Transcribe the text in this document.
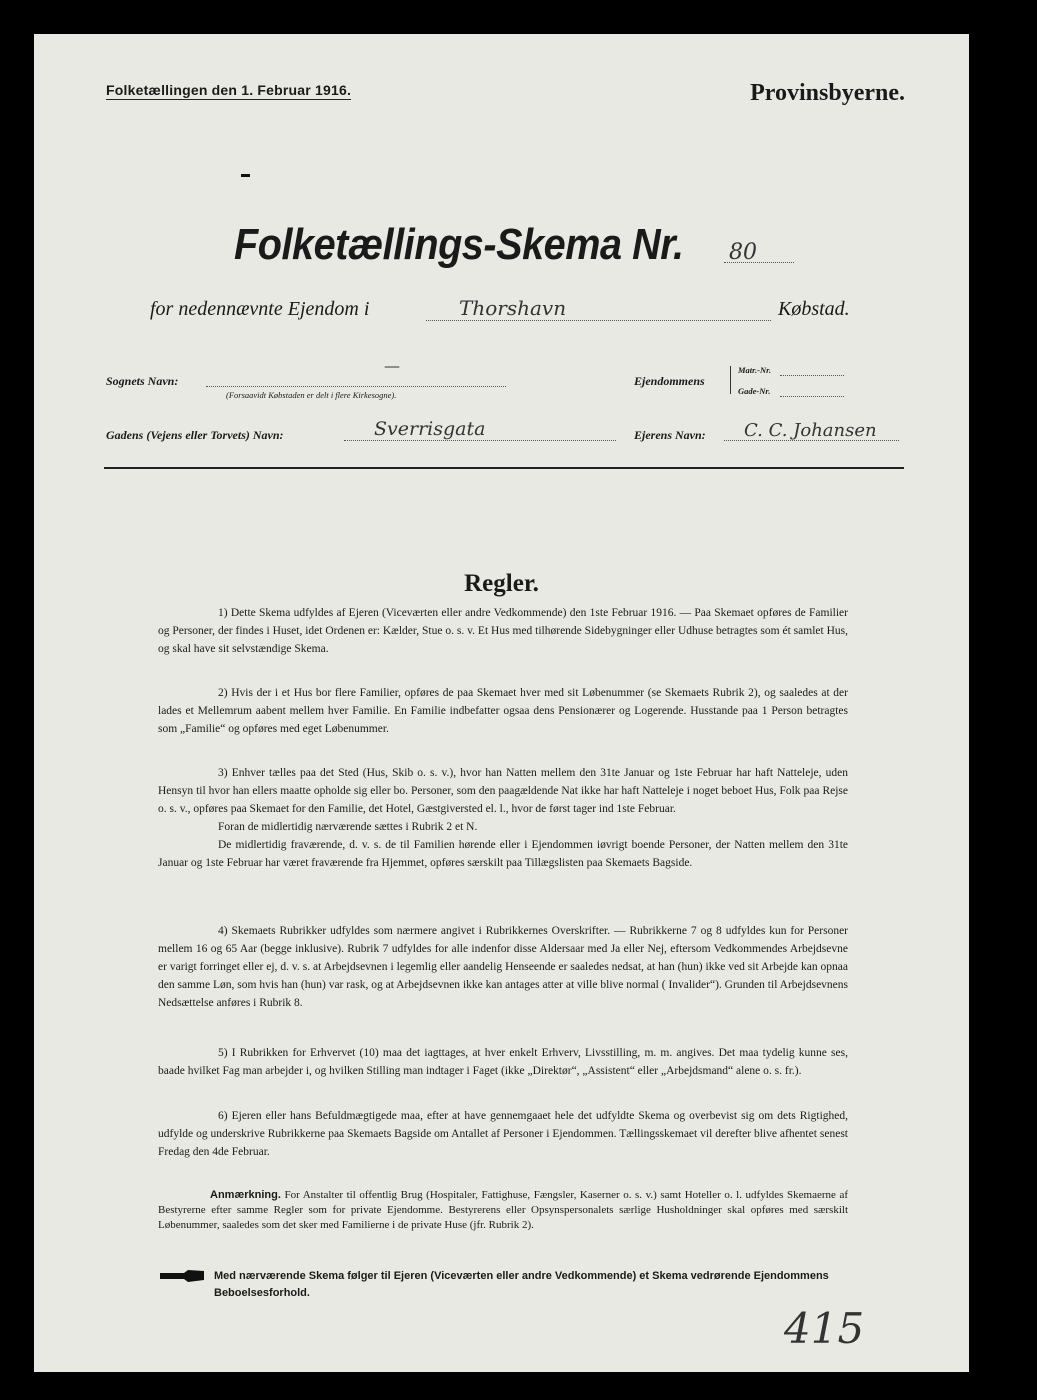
Folketællingen den 1. Februar 1916.	Provinsbyerne.
Folketællings-Skema Nr. 80
for nedennævnte Ejendom i	Thorshavn	Købstad.
Sognets Navn:
—
(Forsaavidt Købstaden er delt i flere Kirkesogne).
Ejendommens
Matr.-Nr.
Gade-Nr.
Gadens (Vejens eller Torvets) Navn:	Sverrisgata	Ejerens Navn: C. C. Johansen
Regler.

1) Dette Skema udfyldes af Ejeren (Viceværten eller andre Vedkommende) den 1ste Februar 1916. — Paa Skemaet opføres de Familier og Personer, der findes i Huset, idet Ordenen er: Kælder, Stue o. s. v. Et Hus med tilhørende Sidebygninger eller Udhuse betragtes som ét samlet Hus, og skal have sit selvstændige Skema.

2) Hvis der i et Hus bor flere Familier, opføres de paa Skemaet hver med sit Løbenummer (se Skemaets Rubrik 2), og saaledes at der lades et Mellemrum aabent mellem hver Familie. En Familie indbefatter ogsaa dens Pensionærer og Logerende. Husstande paa 1 Person betragtes som „Familie“ og opføres med eget Løbenummer.

3) Enhver tælles paa det Sted (Hus, Skib o. s. v.), hvor han Natten mellem den 31te Januar og 1ste Februar har haft Natteleje, uden Hensyn til hvor han ellers maatte opholde sig eller bo. Personer, som den paagældende Nat ikke har haft Natteleje i noget beboet Hus, Folk paa Rejse o. s. v., opføres paa Skemaet for den Familie, det Hotel, Gæstgiversted el. l., hvor de først tager ind 1ste Februar.

Foran de midlertidig nærværende sættes i Rubrik 2 et N.

De midlertidig fraværende, d. v. s. de til Familien hørende eller i Ejendommen iøvrigt boende Personer, der Natten mellem den 31te Januar og 1ste Februar har været fraværende fra Hjemmet, opføres særskilt paa Tillægslisten paa Skemaets Bagside.

4) Skemaets Rubrikker udfyldes som nærmere angivet i Rubrikkernes Overskrifter. — Rubrikkerne 7 og 8 udfyldes kun for Personer mellem 16 og 65 Aar (begge inklusive). Rubrik 7 udfyldes for alle indenfor disse Aldersaar med Ja eller Nej, eftersom Vedkommendes Arbejdsevne er varigt forringet eller ej, d. v. s. at Arbejdsevnen i legemlig eller aandelig Henseende er saaledes nedsat, at han (hun) ikke ved sit Arbejde kan opnaa den samme Løn, som hvis han (hun) var rask, og at Arbejdsevnen ikke kan antages atter at ville blive normal ( Invalider“). Grunden til Arbejdsevnens Nedsættelse anføres i Rubrik 8.

5) I Rubrikken for Erhvervet (10) maa det iagttages, at hver enkelt Erhverv, Livsstilling, m. m. angives. Det maa tydelig kunne ses, baade hvilket Fag man arbejder i, og hvilken Stilling man indtager i Faget (ikke „Direktør“, „Assistent“ eller „Arbejdsmand“ alene o. s. fr.).

6) Ejeren eller hans Befuldmægtigede maa, efter at have gennemgaaet hele det udfyldte Skema og overbevist sig om dets Rigtighed, udfylde og underskrive Rubrikkerne paa Skemaets Bagside om Antallet af Personer i Ejendommen. Tællingsskemaet vil derefter blive afhentet senest Fredag den 4de Februar.

Anmærkning. For Anstalter til offentlig Brug (Hospitaler, Fattighuse, Fængsler, Kaserner o. s. v.) samt Hoteller o. l. udfyldes Skemaerne af Bestyrerne efter samme Regler som for private Ejendomme. Bestyrerens eller Opsynspersonalets særlige Husholdninger skal opføres med særskilt Løbenummer, saaledes som det sker med Familierne i de private Huse (jfr. Rubrik 2).
Med nærværende Skema følger til Ejeren (Viceværten eller andre Vedkommende) et Skema vedrørende Ejendommens Beboelsesforhold.
415
